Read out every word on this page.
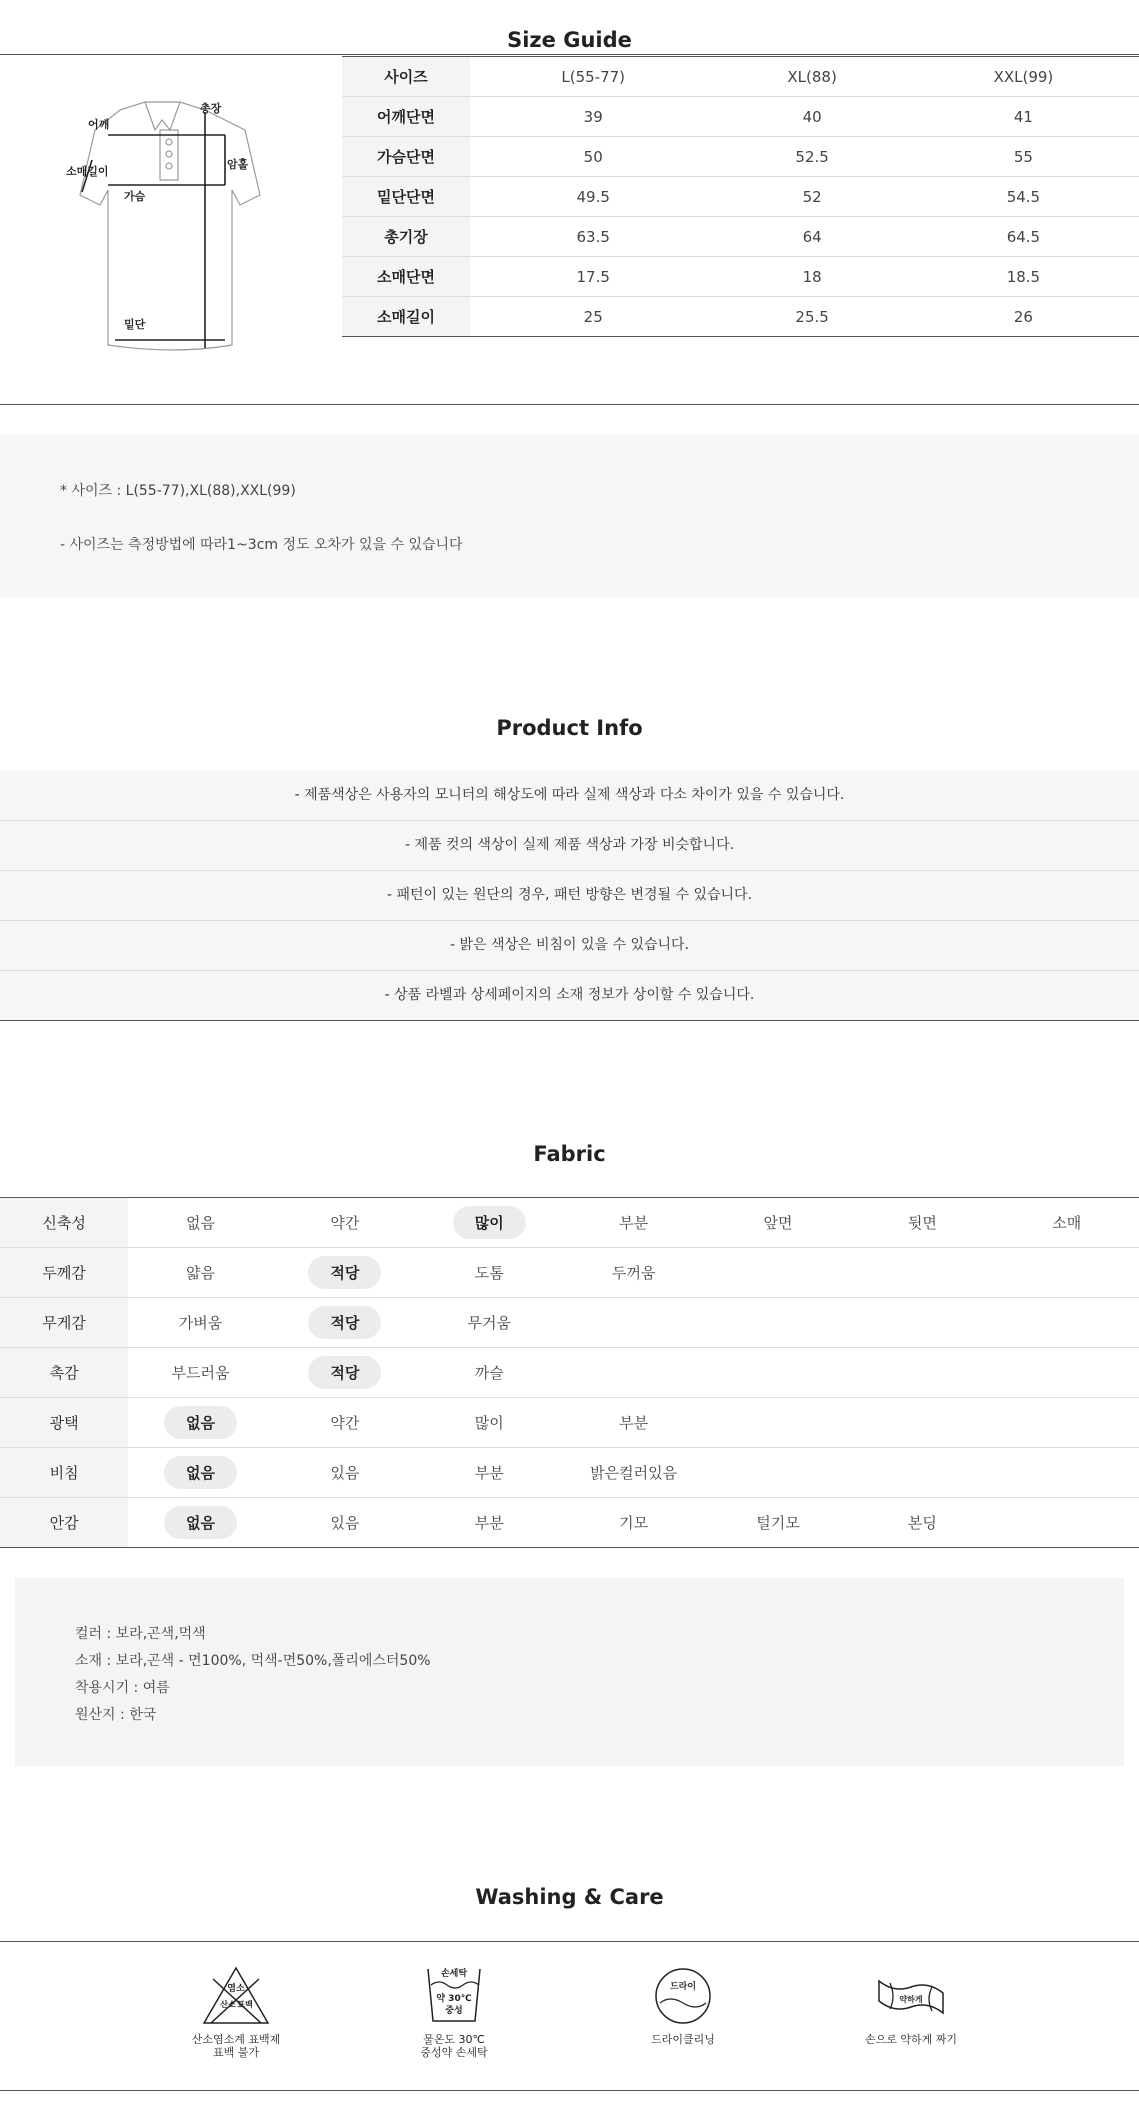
Size Guide
어깨
총장
소매길이
암홀
가슴
밑단
사이즈	L(55-77)	XL(88)	XXL(99)
어깨단면	39	40	41
가슴단면	50	52.5	55
밑단단면	49.5	52	54.5
총기장	63.5	64	64.5
소매단면	17.5	18	18.5
소매길이	25	25.5	26

* 사이즈 : L(55-77),XL(88),XXL(99)

- 사이즈는 측정방법에 따라1~3cm 정도 오차가 있을 수 있습니다

Product Info
- 제품색상은 사용자의 모니터의 해상도에 따라 실제 색상과 다소 차이가 있을 수 있습니다.
- 제품 컷의 색상이 실제 제품 색상과 가장 비슷합니다.
- 패턴이 있는 원단의 경우, 패턴 방향은 변경될 수 있습니다.
- 밝은 색상은 비침이 있을 수 있습니다.
- 상품 라벨과 상세페이지의 소재 정보가 상이할 수 있습니다.
Fabric
신축성	없음	약간	많이	부분	앞면	뒷면	소매
두께감	얇음	적당	도톰	두꺼움			
무게감	가벼움	적당	무거움				
촉감	부드러움	적당	까슬				
광택	없음	약간	많이	부분			
비침	없음	있음	부분	밝은컬러있음			
안감	없음	있음	부분	기모	털기모	본딩	

컬러 : 보라,곤색,먹색

소재 : 보라,곤색 - 면100%, 먹색-면50%,폴리에스터50%

착용시기 : 여름

원산지 : 한국

Washing & Care
염소
산소 표백
산소염소계 표백제
표백 불가
손세탁
약 30℃
중성
물온도 30℃
중성약 손세탁
드라이
드라이클리닝
약하게
손으로 약하게 짜기
